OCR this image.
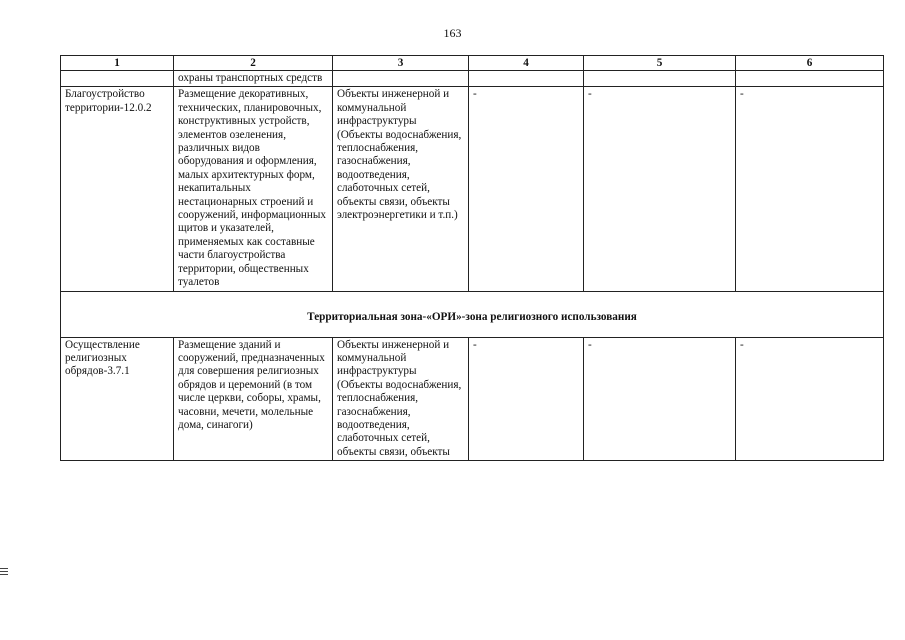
163
1	2	3	4	5	6
	охраны транспортных средств				
Благоустройство территории-12.0.2	Размещение декоративных, технических, планировочных, конструктивных устройств, элементов озеленения, различных видов оборудования и оформления, малых архитектурных форм, некапитальных нестационарных строений и сооружений, информационных щитов и указателей, применяемых как составные части благоустройства территории, общественных туалетов	Объекты инженерной и коммунальной инфраструктуры (Объекты водоснабжения, теплоснабжения, газоснабжения, водоотведения, слаботочных сетей, объекты связи, объекты электроэнергетики и т.п.)	-	-	-
Территориальная зона-«ОРИ»-зона религиозного использования					
Осуществление религиозных обрядов-3.7.1	Размещение зданий и сооружений, предназначенных для совершения религиозных обрядов и церемоний (в том числе церкви, соборы, храмы, часовни, мечети, молельные дома, синагоги)	Объекты инженерной и коммунальной инфраструктуры (Объекты водоснабжения, теплоснабжения, газоснабжения, водоотведения, слаботочных сетей, объекты связи, объекты	-	-	-
